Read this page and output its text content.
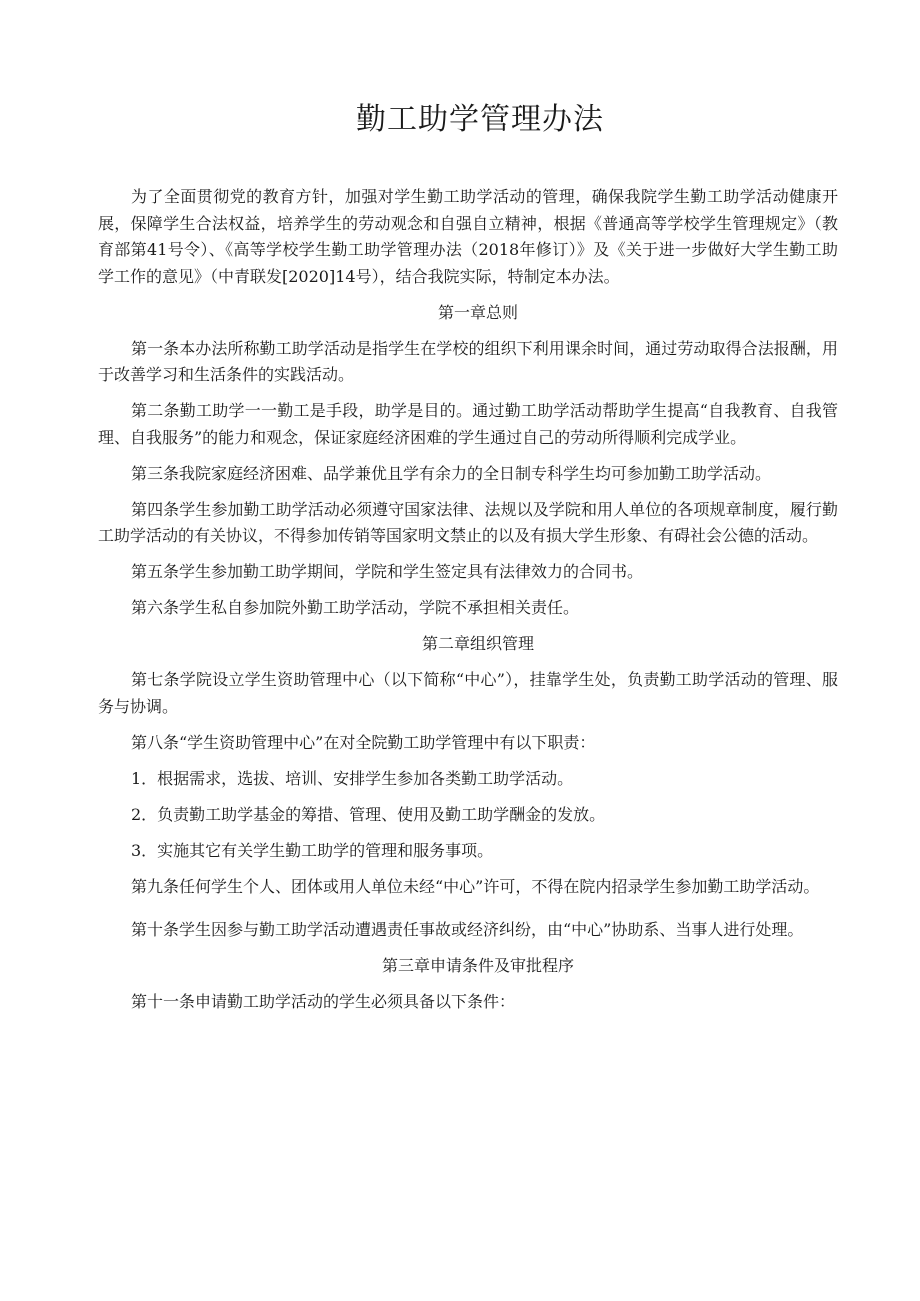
勤工助学管理办法

为了全面贯彻党的教育方针，加强对学生勤工助学活动的管理，确保我院学生勤工助学活动健康开展，保障学生合法权益，培养学生的劳动观念和自强自立精神，根据《普通高等学校学生管理规定》（教育部第41号令）、《高等学校学生勤工助学管理办法（2018年修订）》及《关于进一步做好大学生勤工助学工作的意见》（中青联发[2020]14号），结合我院实际，特制定本办法。

第一章总则

第一条本办法所称勤工助学活动是指学生在学校的组织下利用课余时间，通过劳动取得合法报酬，用于改善学习和生活条件的实践活动。

第二条勤工助学一一勤工是手段，助学是目的。通过勤工助学活动帮助学生提高“自我教育、自我管理、自我服务”的能力和观念，保证家庭经济困难的学生通过自己的劳动所得顺利完成学业。

第三条我院家庭经济困难、品学兼优且学有余力的全日制专科学生均可参加勤工助学活动。

第四条学生参加勤工助学活动必须遵守国家法律、法规以及学院和用人单位的各项规章制度，履行勤工助学活动的有关协议，不得参加传销等国家明文禁止的以及有损大学生形象、有碍社会公德的活动。

第五条学生参加勤工助学期间，学院和学生签定具有法律效力的合同书。

第六条学生私自参加院外勤工助学活动，学院不承担相关责任。

第二章组织管理

第七条学院设立学生资助管理中心（以下简称“中心”），挂靠学生处，负责勤工助学活动的管理、服务与协调。

第八条“学生资助管理中心”在对全院勤工助学管理中有以下职责：

1．根据需求，选拔、培训、安排学生参加各类勤工助学活动。

2．负责勤工助学基金的筹措、管理、使用及勤工助学酬金的发放。

3．实施其它有关学生勤工助学的管理和服务事项。

第九条任何学生个人、团体或用人单位未经“中心”许可，不得在院内招录学生参加勤工助学活动。

第十条学生因参与勤工助学活动遭遇责任事故或经济纠纷，由“中心”协助系、当事人进行处理。

第三章申请条件及审批程序

第十一条申请勤工助学活动的学生必须具备以下条件：
